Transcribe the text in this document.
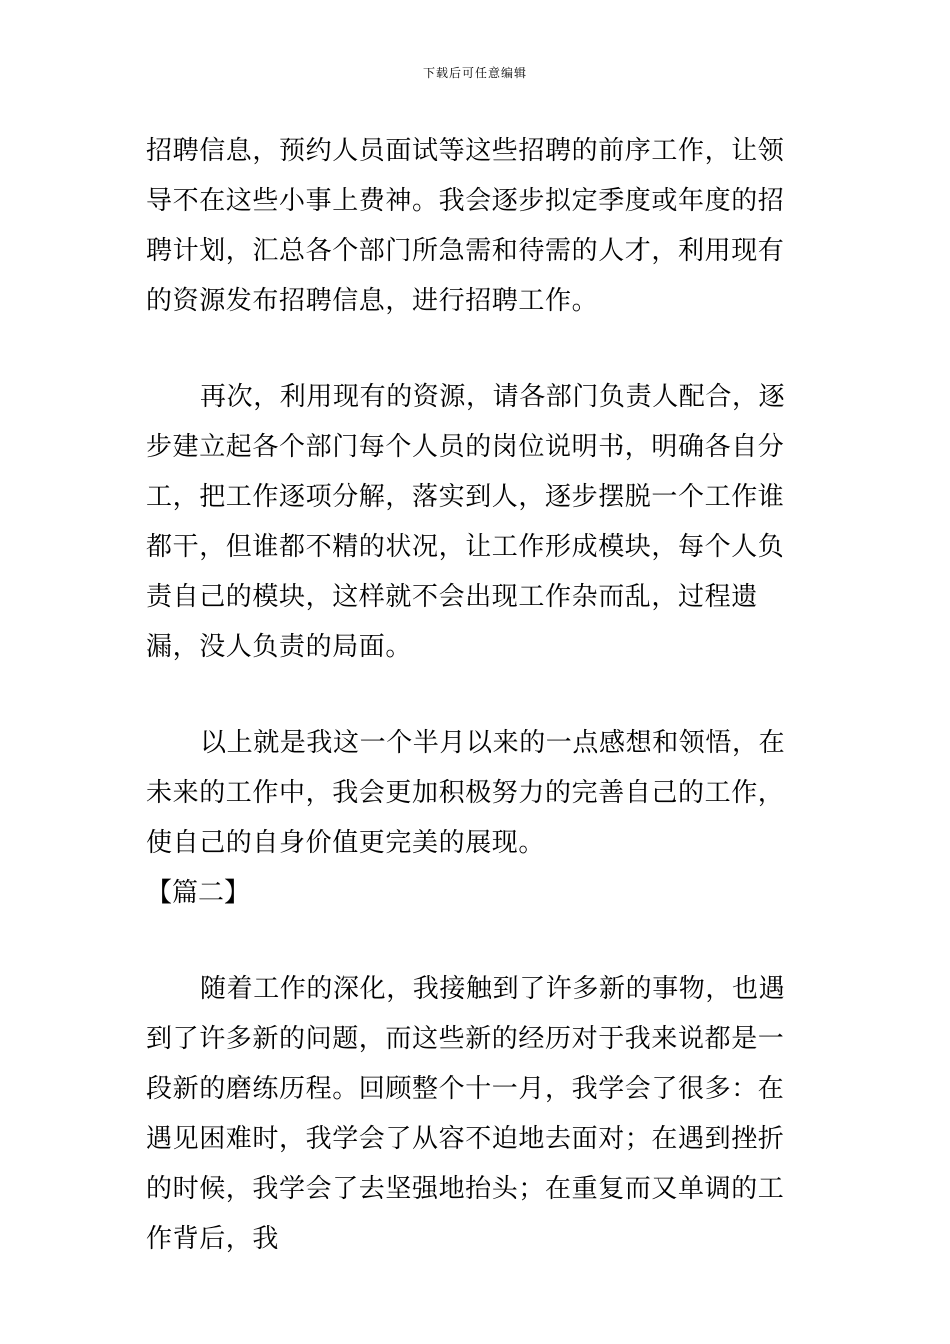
下载后可任意编辑

招聘信息，预约人员面试等这些招聘的前序工作，让领导不在这些小事上费神。我会逐步拟定季度或年度的招聘计划，汇总各个部门所急需和待需的人才，利用现有的资源发布招聘信息，进行招聘工作。

再次，利用现有的资源，请各部门负责人配合，逐步建立起各个部门每个人员的岗位说明书，明确各自分工，把工作逐项分解，落实到人，逐步摆脱一个工作谁都干，但谁都不精的状况，让工作形成模块，每个人负责自己的模块，这样就不会出现工作杂而乱，过程遗漏，没人负责的局面。

以上就是我这一个半月以来的一点感想和领悟，在未来的工作中，我会更加积极努力的完善自己的工作，使自己的自身价值更完美的展现。

【篇二】

随着工作的深化，我接触到了许多新的事物，也遇到了许多新的问题，而这些新的经历对于我来说都是一段新的磨练历程。回顾整个十一月，我学会了很多：在遇见困难时，我学会了从容不迫地去面对；在遇到挫折的时候，我学会了去坚强地抬头；在重复而又单调的工作背后，我
